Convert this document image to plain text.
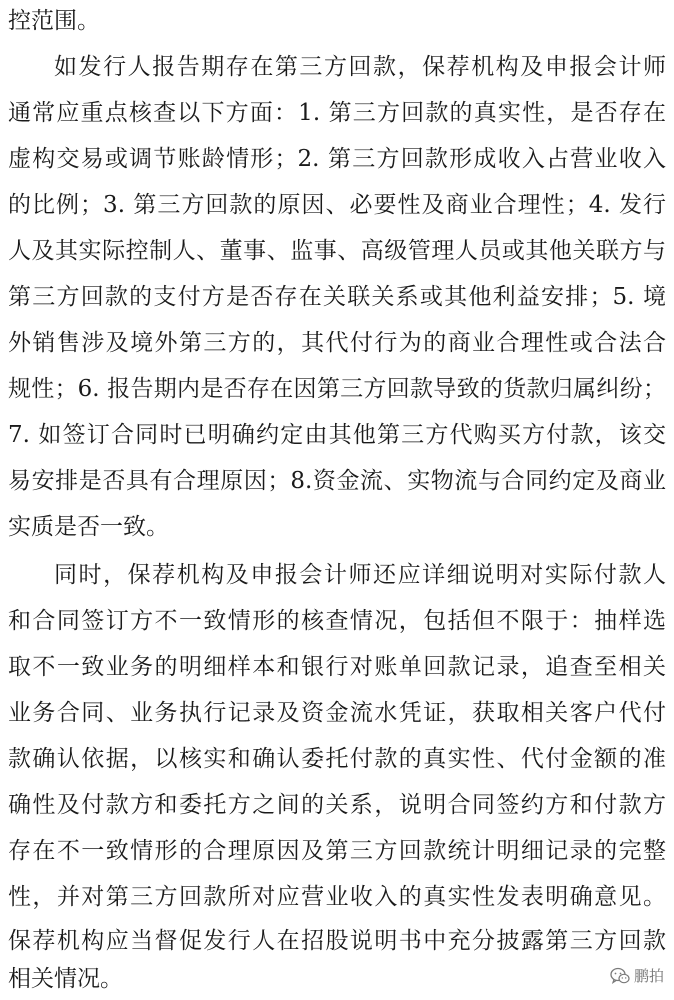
控范围。
如发行人报告期存在第三方回款，保荐机构及申报会计师
通常应重点核查以下方面：1. 第三方回款的真实性，是否存在
虚构交易或调节账龄情形；2. 第三方回款形成收入占营业收入
的比例；3. 第三方回款的原因、必要性及商业合理性；4. 发行
人及其实际控制人、董事、监事、高级管理人员或其他关联方与
第三方回款的支付方是否存在关联关系或其他利益安排；5. 境
外销售涉及境外第三方的，其代付行为的商业合理性或合法合
规性；6. 报告期内是否存在因第三方回款导致的货款归属纠纷；
7. 如签订合同时已明确约定由其他第三方代购买方付款，该交
易安排是否具有合理原因；8.资金流、实物流与合同约定及商业
实质是否一致。
同时，保荐机构及申报会计师还应详细说明对实际付款人
和合同签订方不一致情形的核查情况，包括但不限于：抽样选
取不一致业务的明细样本和银行对账单回款记录，追查至相关
业务合同、业务执行记录及资金流水凭证，获取相关客户代付
款确认依据，以核实和确认委托付款的真实性、代付金额的准
确性及付款方和委托方之间的关系，说明合同签约方和付款方
存在不一致情形的合理原因及第三方回款统计明细记录的完整
性，并对第三方回款所对应营业收入的真实性发表明确意见。
保荐机构应当督促发行人在招股说明书中充分披露第三方回款
相关情况。	鹏拍
